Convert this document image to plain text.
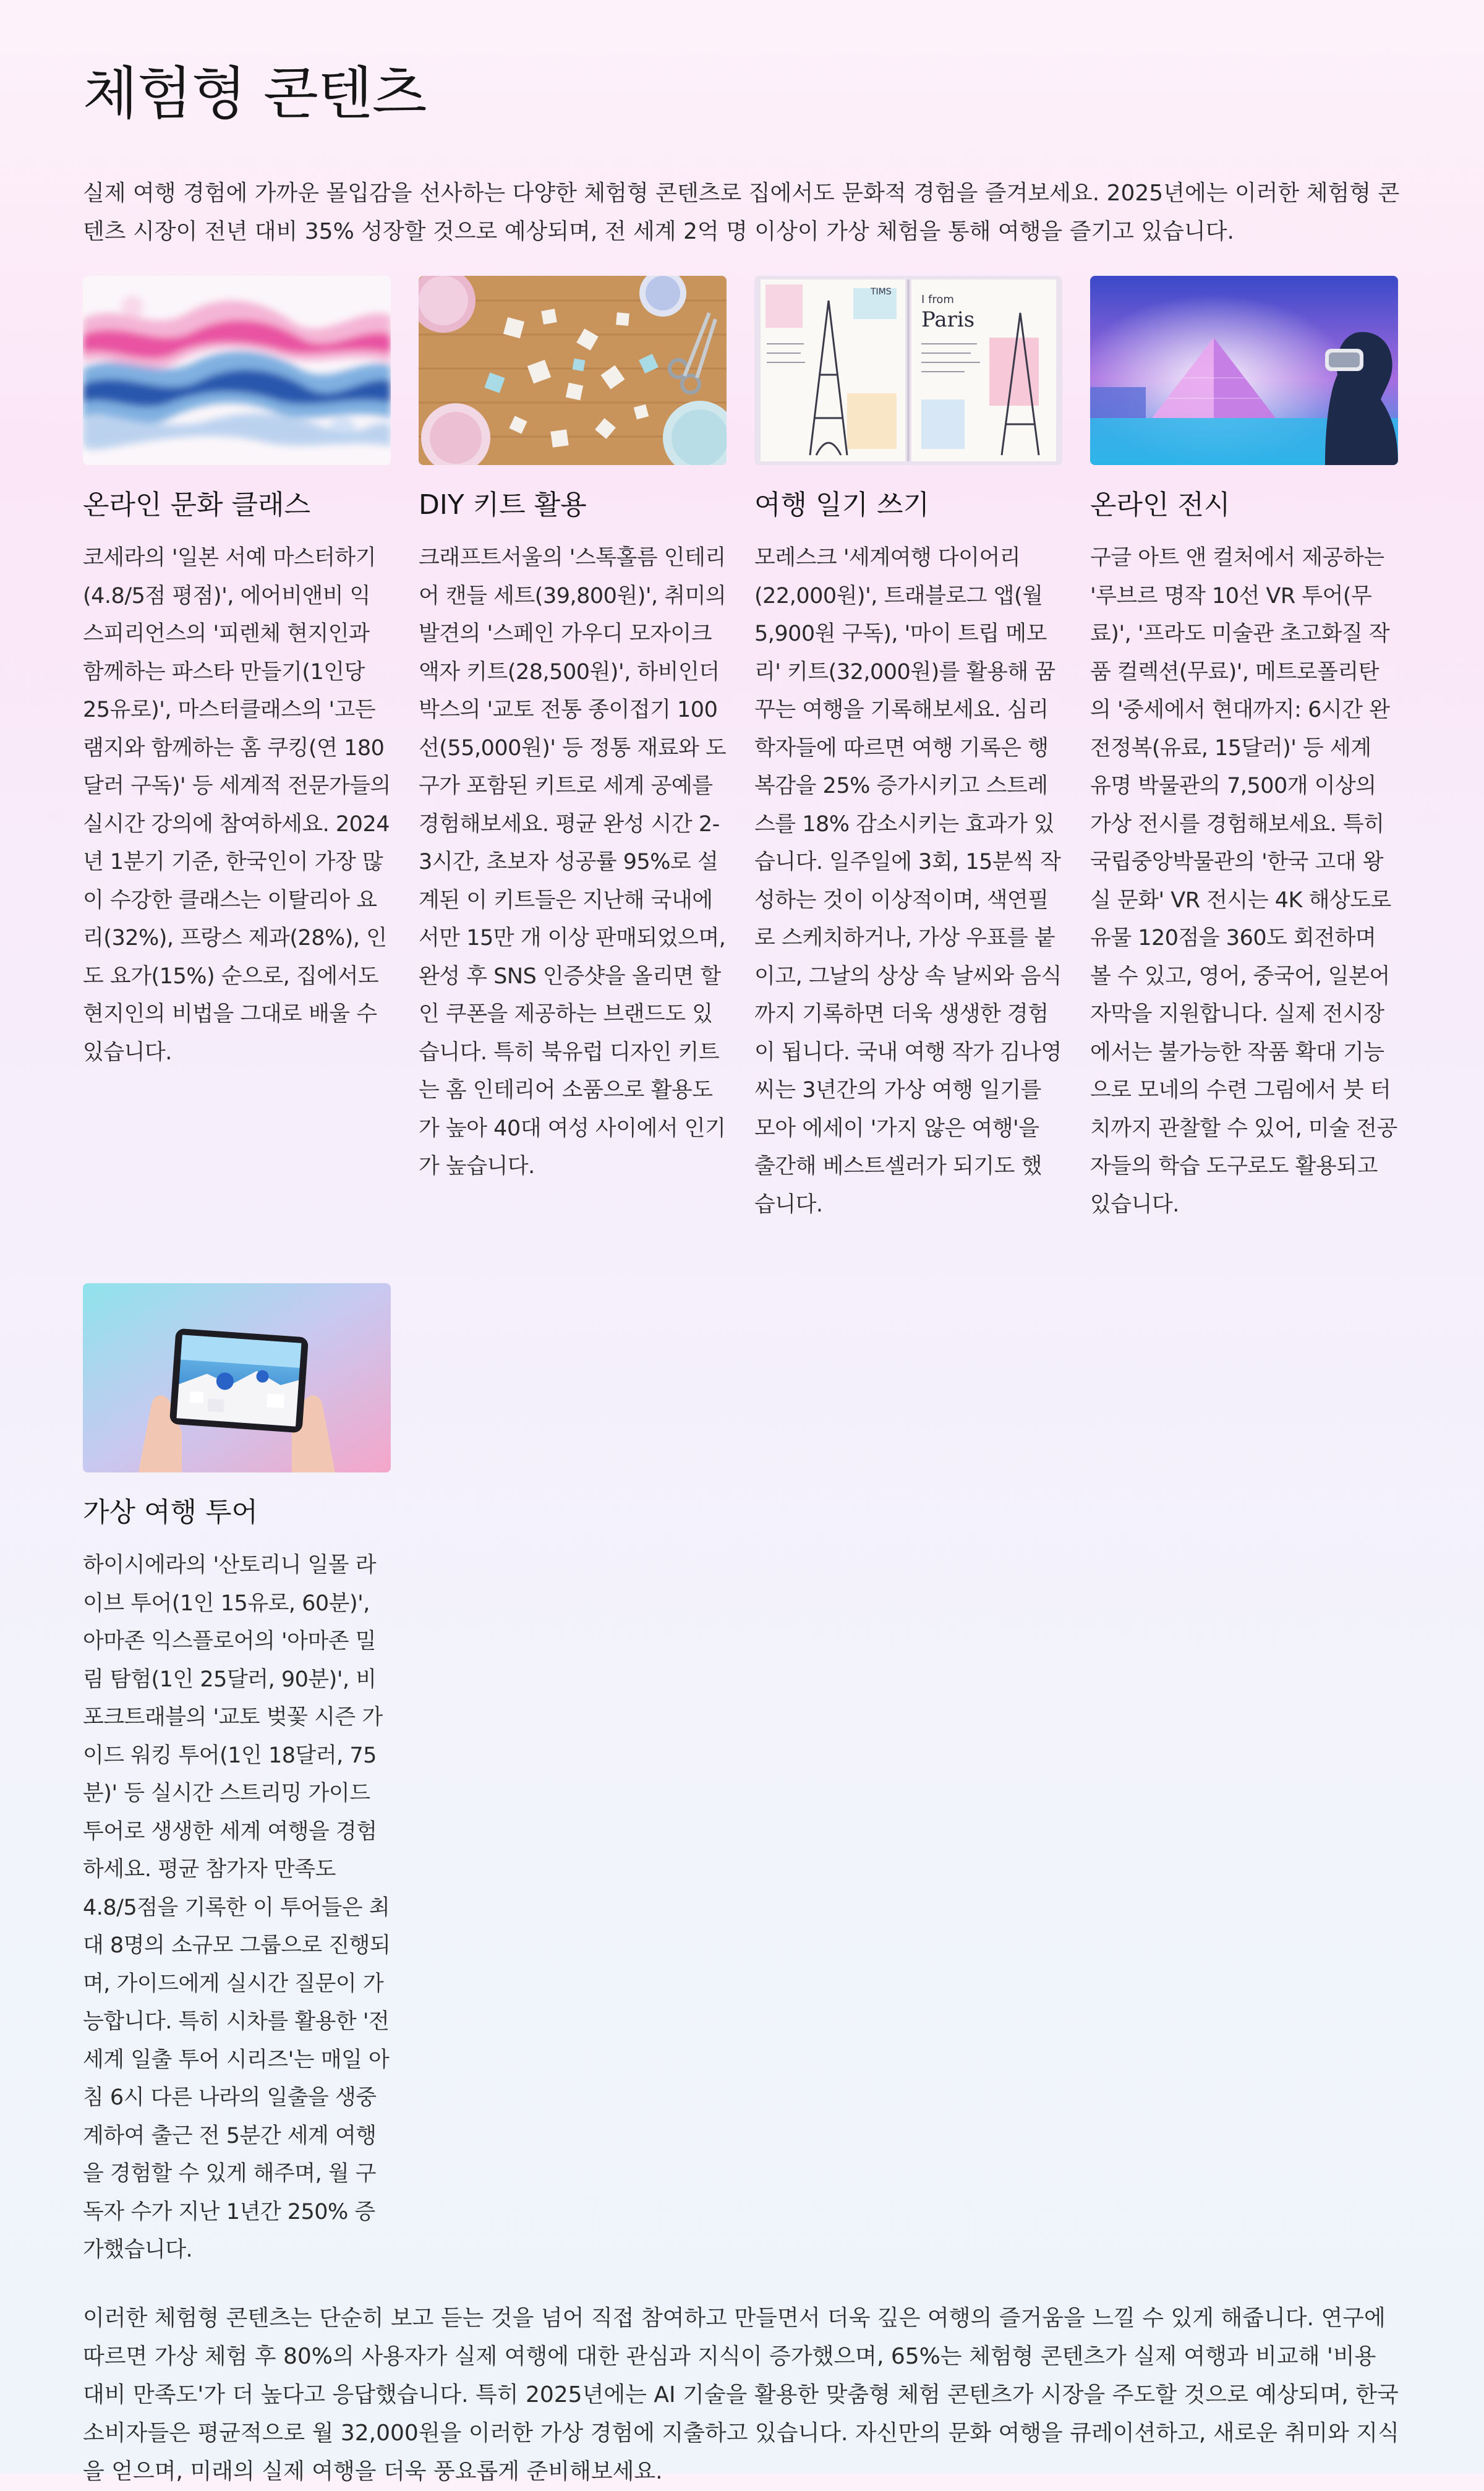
체험형 콘텐츠

실제 여행 경험에 가까운 몰입감을 선사하는 다양한 체험형 콘텐츠로 집에서도 문화적 경험을 즐겨보세요. 2025년에는 이러한 체험형 콘텐츠 시장이 전년 대비 35% 성장할 것으로 예상되며, 전 세계 2억 명 이상이 가상 체험을 통해 여행을 즐기고 있습니다.

온라인 문화 클래스

코세라의 '일본 서예 마스터하기(4.8/5점 평점)', 에어비앤비 익스피리언스의 '피렌체 현지인과 함께하는 파스타 만들기(1인당 25유로)', 마스터클래스의 '고든 램지와 함께하는 홈 쿠킹(연 180달러 구독)' 등 세계적 전문가들의 실시간 강의에 참여하세요. 2024년 1분기 기준, 한국인이 가장 많이 수강한 클래스는 이탈리아 요리(32%), 프랑스 제과(28%), 인도 요가(15%) 순으로, 집에서도 현지인의 비법을 그대로 배울 수 있습니다.

DIY 키트 활용

크래프트서울의 '스톡홀름 인테리어 캔들 세트(39,800원)', 취미의발견의 '스페인 가우디 모자이크 액자 키트(28,500원)', 하비인더박스의 '교토 전통 종이접기 100선(55,000원)' 등 정통 재료와 도구가 포함된 키트로 세계 공예를 경험해보세요. 평균 완성 시간 2-3시간, 초보자 성공률 95%로 설계된 이 키트들은 지난해 국내에서만 15만 개 이상 판매되었으며, 완성 후 SNS 인증샷을 올리면 할인 쿠폰을 제공하는 브랜드도 있습니다. 특히 북유럽 디자인 키트는 홈 인테리어 소품으로 활용도가 높아 40대 여성 사이에서 인기가 높습니다.

I from
Paris
TIMS
여행 일기 쓰기

모레스크 '세계여행 다이어리(22,000원)', 트래블로그 앱(월 5,900원 구독), '마이 트립 메모리' 키트(32,000원)를 활용해 꿈꾸는 여행을 기록해보세요. 심리학자들에 따르면 여행 기록은 행복감을 25% 증가시키고 스트레스를 18% 감소시키는 효과가 있습니다. 일주일에 3회, 15분씩 작성하는 것이 이상적이며, 색연필로 스케치하거나, 가상 우표를 붙이고, 그날의 상상 속 날씨와 음식까지 기록하면 더욱 생생한 경험이 됩니다. 국내 여행 작가 김나영씨는 3년간의 가상 여행 일기를 모아 에세이 '가지 않은 여행'을 출간해 베스트셀러가 되기도 했습니다.

온라인 전시

구글 아트 앤 컬처에서 제공하는 '루브르 명작 10선 VR 투어(무료)', '프라도 미술관 초고화질 작품 컬렉션(무료)', 메트로폴리탄의 '중세에서 현대까지: 6시간 완전정복(유료, 15달러)' 등 세계 유명 박물관의 7,500개 이상의 가상 전시를 경험해보세요. 특히 국립중앙박물관의 '한국 고대 왕실 문화' VR 전시는 4K 해상도로 유물 120점을 360도 회전하며 볼 수 있고, 영어, 중국어, 일본어 자막을 지원합니다. 실제 전시장에서는 불가능한 작품 확대 기능으로 모네의 수련 그림에서 붓 터치까지 관찰할 수 있어, 미술 전공자들의 학습 도구로도 활용되고 있습니다.

가상 여행 투어

하이시에라의 '산토리니 일몰 라이브 투어(1인 15유로, 60분)', 아마존 익스플로어의 '아마존 밀림 탐험(1인 25달러, 90분)', 비포크트래블의 '교토 벚꽃 시즌 가이드 워킹 투어(1인 18달러, 75분)' 등 실시간 스트리밍 가이드 투어로 생생한 세계 여행을 경험하세요. 평균 참가자 만족도 4.8/5점을 기록한 이 투어들은 최대 8명의 소규모 그룹으로 진행되며, 가이드에게 실시간 질문이 가능합니다. 특히 시차를 활용한 '전 세계 일출 투어 시리즈'는 매일 아침 6시 다른 나라의 일출을 생중계하여 출근 전 5분간 세계 여행을 경험할 수 있게 해주며, 월 구독자 수가 지난 1년간 250% 증가했습니다.

이러한 체험형 콘텐츠는 단순히 보고 듣는 것을 넘어 직접 참여하고 만들면서 더욱 깊은 여행의 즐거움을 느낄 수 있게 해줍니다. 연구에 따르면 가상 체험 후 80%의 사용자가 실제 여행에 대한 관심과 지식이 증가했으며, 65%는 체험형 콘텐츠가 실제 여행과 비교해 '비용 대비 만족도'가 더 높다고 응답했습니다. 특히 2025년에는 AI 기술을 활용한 맞춤형 체험 콘텐츠가 시장을 주도할 것으로 예상되며, 한국 소비자들은 평균적으로 월 32,000원을 이러한 가상 경험에 지출하고 있습니다. 자신만의 문화 여행을 큐레이션하고, 새로운 취미와 지식을 얻으며, 미래의 실제 여행을 더욱 풍요롭게 준비해보세요.
